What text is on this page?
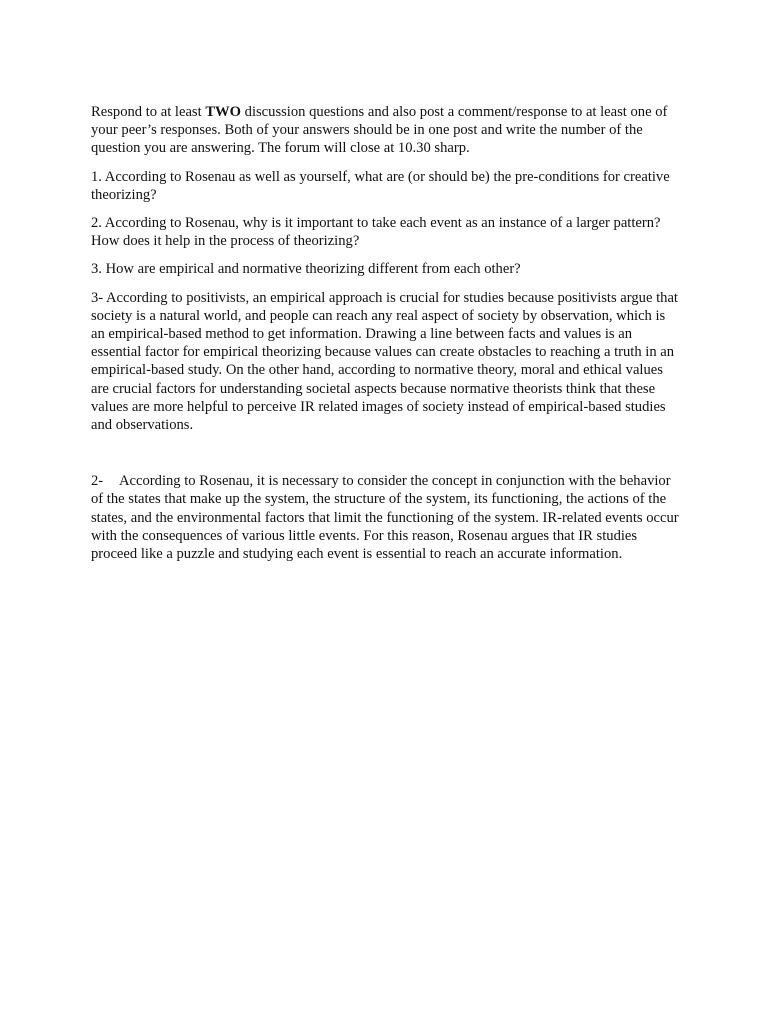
Respond to at least TWO discussion questions and also post a comment/response to at least one of your peer’s responses. Both of your answers should be in one post and write the number of the question you are answering. The forum will close at 10.30 sharp.

1. According to Rosenau as well as yourself, what are (or should be) the pre-conditions for creative theorizing?

2. According to Rosenau, why is it important to take each event as an instance of a larger pattern? How does it help in the process of theorizing?

3. How are empirical and normative theorizing different from each other?

3- According to positivists, an empirical approach is crucial for studies because positivists argue that society is a natural world, and people can reach any real aspect of society by observation, which is an empirical-based method to get information. Drawing a line between facts and values is an essential factor for empirical theorizing because values can create obstacles to reaching a truth in an empirical-based study. On the other hand, according to normative theory, moral and ethical values are crucial factors for understanding societal aspects because normative theorists think that these values are more helpful to perceive IR related images of society instead of empirical-based studies and observations.

2- According to Rosenau, it is necessary to consider the concept in conjunction with the behavior of the states that make up the system, the structure of the system, its functioning, the actions of the states, and the environmental factors that limit the functioning of the system. IR-related events occur with the consequences of various little events. For this reason, Rosenau argues that IR studies proceed like a puzzle and studying each event is essential to reach an accurate information.
